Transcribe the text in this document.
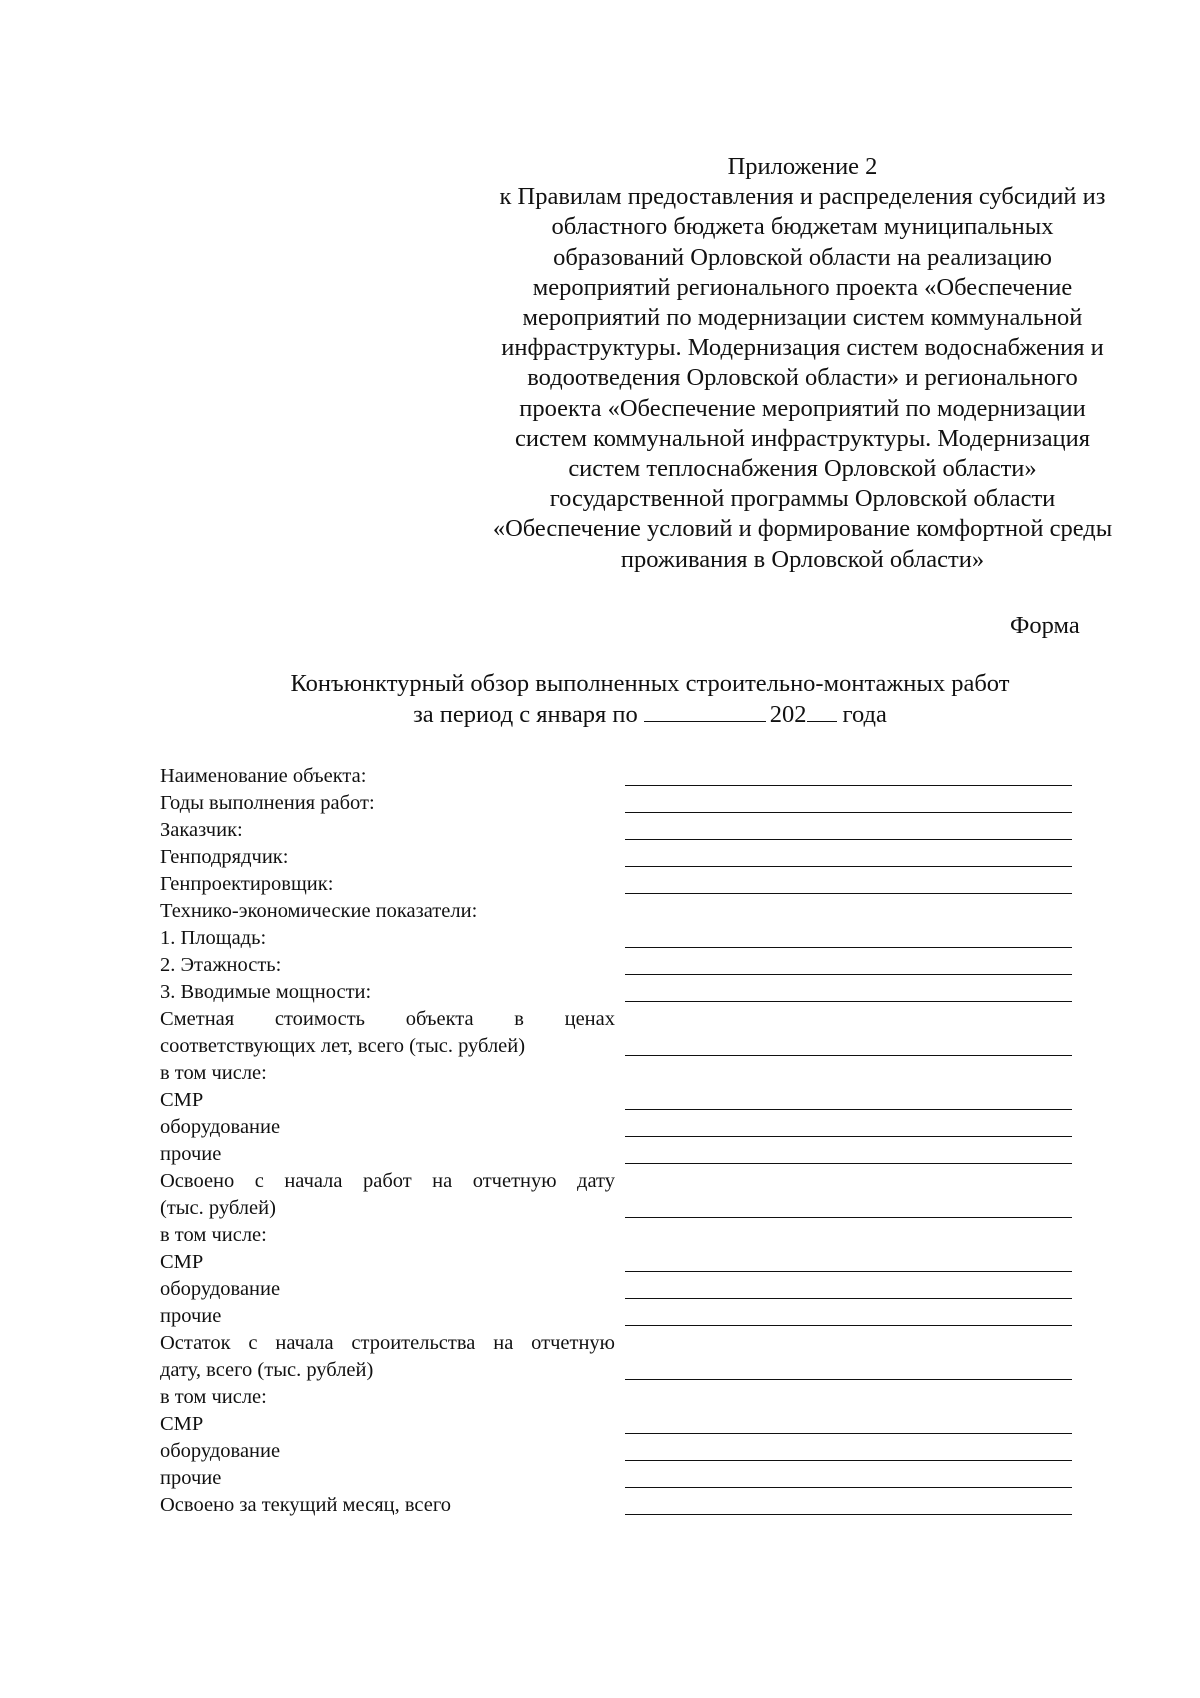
Приложение 2
к Правилам предоставления и распределения субсидий из
областного бюджета бюджетам муниципальных
образований Орловской области на реализацию
мероприятий регионального проекта «Обеспечение
мероприятий по модернизации систем коммунальной
инфраструктуры. Модернизация систем водоснабжения и
водоотведения Орловской области» и регионального
проекта «Обеспечение мероприятий по модернизации
систем коммунальной инфраструктуры. Модернизация
систем теплоснабжения Орловской области»
государственной программы Орловской области
«Обеспечение условий и формирование комфортной среды
проживания в Орловской области»
Форма
Конъюнктурный обзор выполненных строительно-монтажных работ
за период с января по	202 года
Наименование объекта:
Годы выполнения работ:
Заказчик:
Генподрядчик:
Генпроектировщик:
Технико-экономические показатели:
1. Площадь:
2. Этажность:
3. Вводимые мощности:
Сметная стоимость объекта в ценах
соответствующих лет, всего (тыс. рублей)
в том числе:
СМР
оборудование
прочие
Освоено с начала работ на отчетную дату
(тыс. рублей)
в том числе:
СМР
оборудование
прочие
Остаток с начала строительства на отчетную
дату, всего (тыс. рублей)
в том числе:
СМР
оборудование
прочие
Освоено за текущий месяц, всего
